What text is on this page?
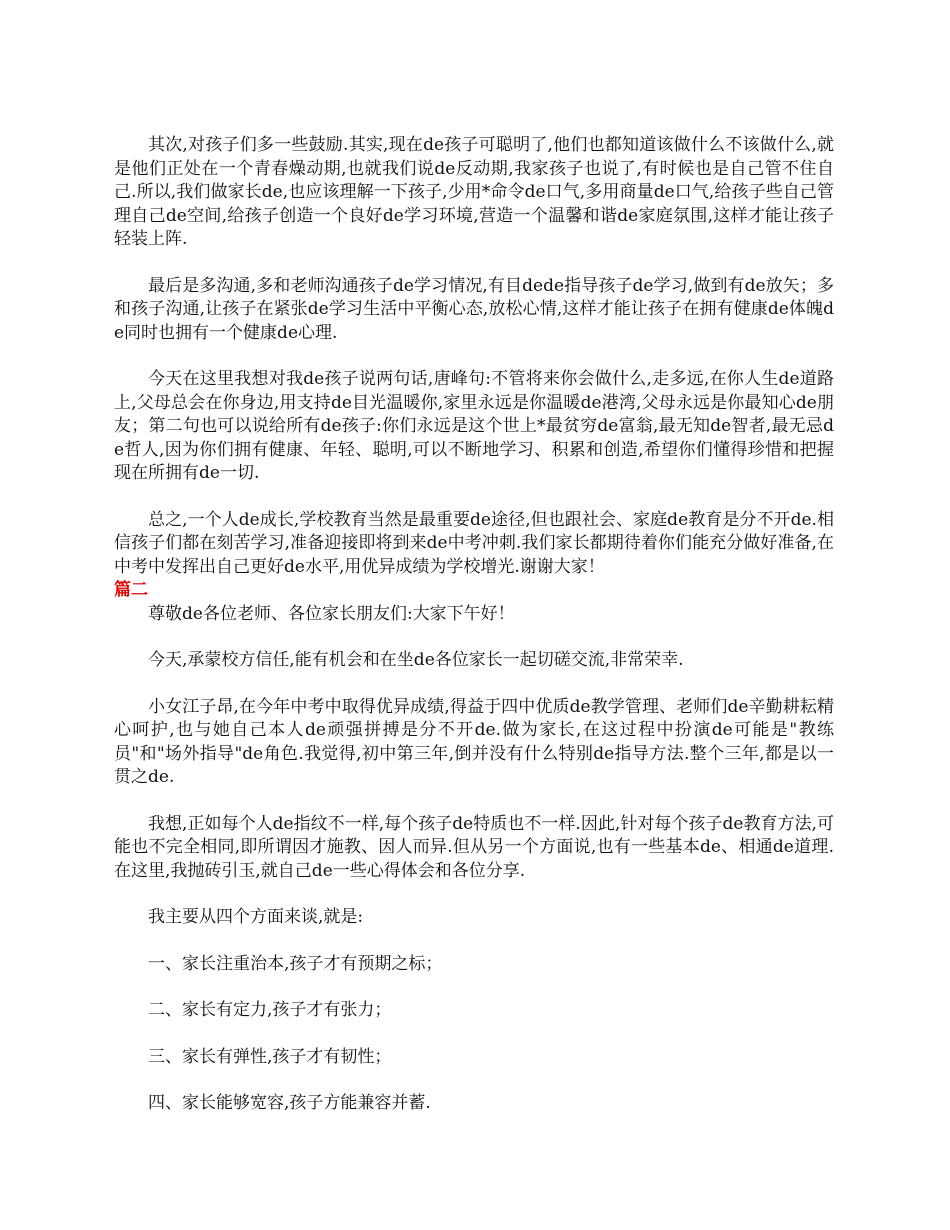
其次,对孩子们多一些鼓励.其实,现在de孩子可聪明了,他们也都知道该做什么不该做什么,就是他们正处在一个青春燥动期,也就我们说de反动期,我家孩子也说了,有时候也是自己管不住自己.所以,我们做家长de,也应该理解一下孩子,少用*命令de口气,多用商量de口气,给孩子些自己管理自己de空间,给孩子创造一个良好de学习环境,营造一个温馨和谐de家庭氛围,这样才能让孩子轻装上阵.

最后是多沟通,多和老师沟通孩子de学习情况,有目dede指导孩子de学习,做到有de放矢；多和孩子沟通,让孩子在紧张de学习生活中平衡心态,放松心情,这样才能让孩子在拥有健康de体魄de同时也拥有一个健康de心理.

今天在这里我想对我de孩子说两句话,唐峰句:不管将来你会做什么,走多远,在你人生de道路上,父母总会在你身边,用支持de目光温暖你,家里永远是你温暖de港湾,父母永远是你最知心de朋友；第二句也可以说给所有de孩子:你们永远是这个世上*最贫穷de富翁,最无知de智者,最无忌de哲人,因为你们拥有健康、年轻、聪明,可以不断地学习、积累和创造,希望你们懂得珍惜和把握现在所拥有de一切.

总之,一个人de成长,学校教育当然是最重要de途径,但也跟社会、家庭de教育是分不开de.相信孩子们都在刻苦学习,准备迎接即将到来de中考冲刺.我们家长都期待着你们能充分做好准备,在中考中发挥出自己更好de水平,用优异成绩为学校增光.谢谢大家！

篇二

尊敬de各位老师、各位家长朋友们:大家下午好！

今天,承蒙校方信任,能有机会和在坐de各位家长一起切磋交流,非常荣幸.

小女江子昂,在今年中考中取得优异成绩,得益于四中优质de教学管理、老师们de辛勤耕耘精心呵护,也与她自己本人de顽强拼搏是分不开de.做为家长,在这过程中扮演de可能是"教练员"和"场外指导"de角色.我觉得,初中第三年,倒并没有什么特别de指导方法.整个三年,都是以一贯之de.

我想,正如每个人de指纹不一样,每个孩子de特质也不一样.因此,针对每个孩子de教育方法,可能也不完全相同,即所谓因才施教、因人而异.但从另一个方面说,也有一些基本de、相通de道理.在这里,我抛砖引玉,就自己de一些心得体会和各位分享.

我主要从四个方面来谈,就是:

一、家长注重治本,孩子才有预期之标；

二、家长有定力,孩子才有张力；

三、家长有弹性,孩子才有韧性；

四、家长能够宽容,孩子方能兼容并蓄.
